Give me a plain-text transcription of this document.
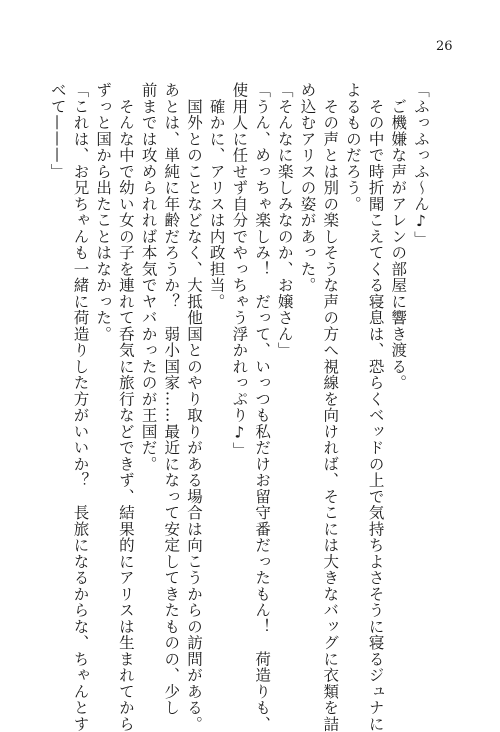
26
「ふっふっふ〜ん♪」
　ご機嫌な声がアレンの部屋に響き渡る。
　その中で時折聞こえてくる寝息は、恐らくベッドの上で気持ちよさそうに寝るジュナに
よるものだろう。
　その声とは別の楽しそうな声の方へ視線を向ければ、そこには大きなバッグに衣類を詰
め込むアリスの姿があった。
「そんなに楽しみなのか、お嬢さん」
「うん、めっちゃ楽しみ！　だって、いっつも私だけお留守番だったもん！　荷造りも、
使用人に任せず自分でやっちゃう浮かれっぷり♪」
　確かに、アリスは内政担当。
　国外とのことなどなく、大抵他国とのやり取りがある場合は向こうからの訪問がある。
あとは、単純に年齢だろうか？　弱小国家……最近になって安定してきたものの、少し
前までは攻められれば本気でヤバかったのが王国だ。
　そんな中で幼い女の子を連れて呑気に旅行などできず、結果的にアリスは生まれてから
ずっと国から出たことはなかった。
「これは、お兄ちゃんも一緒に荷造りした方がいいか？　長旅になるからな、ちゃんとす
べて———」
